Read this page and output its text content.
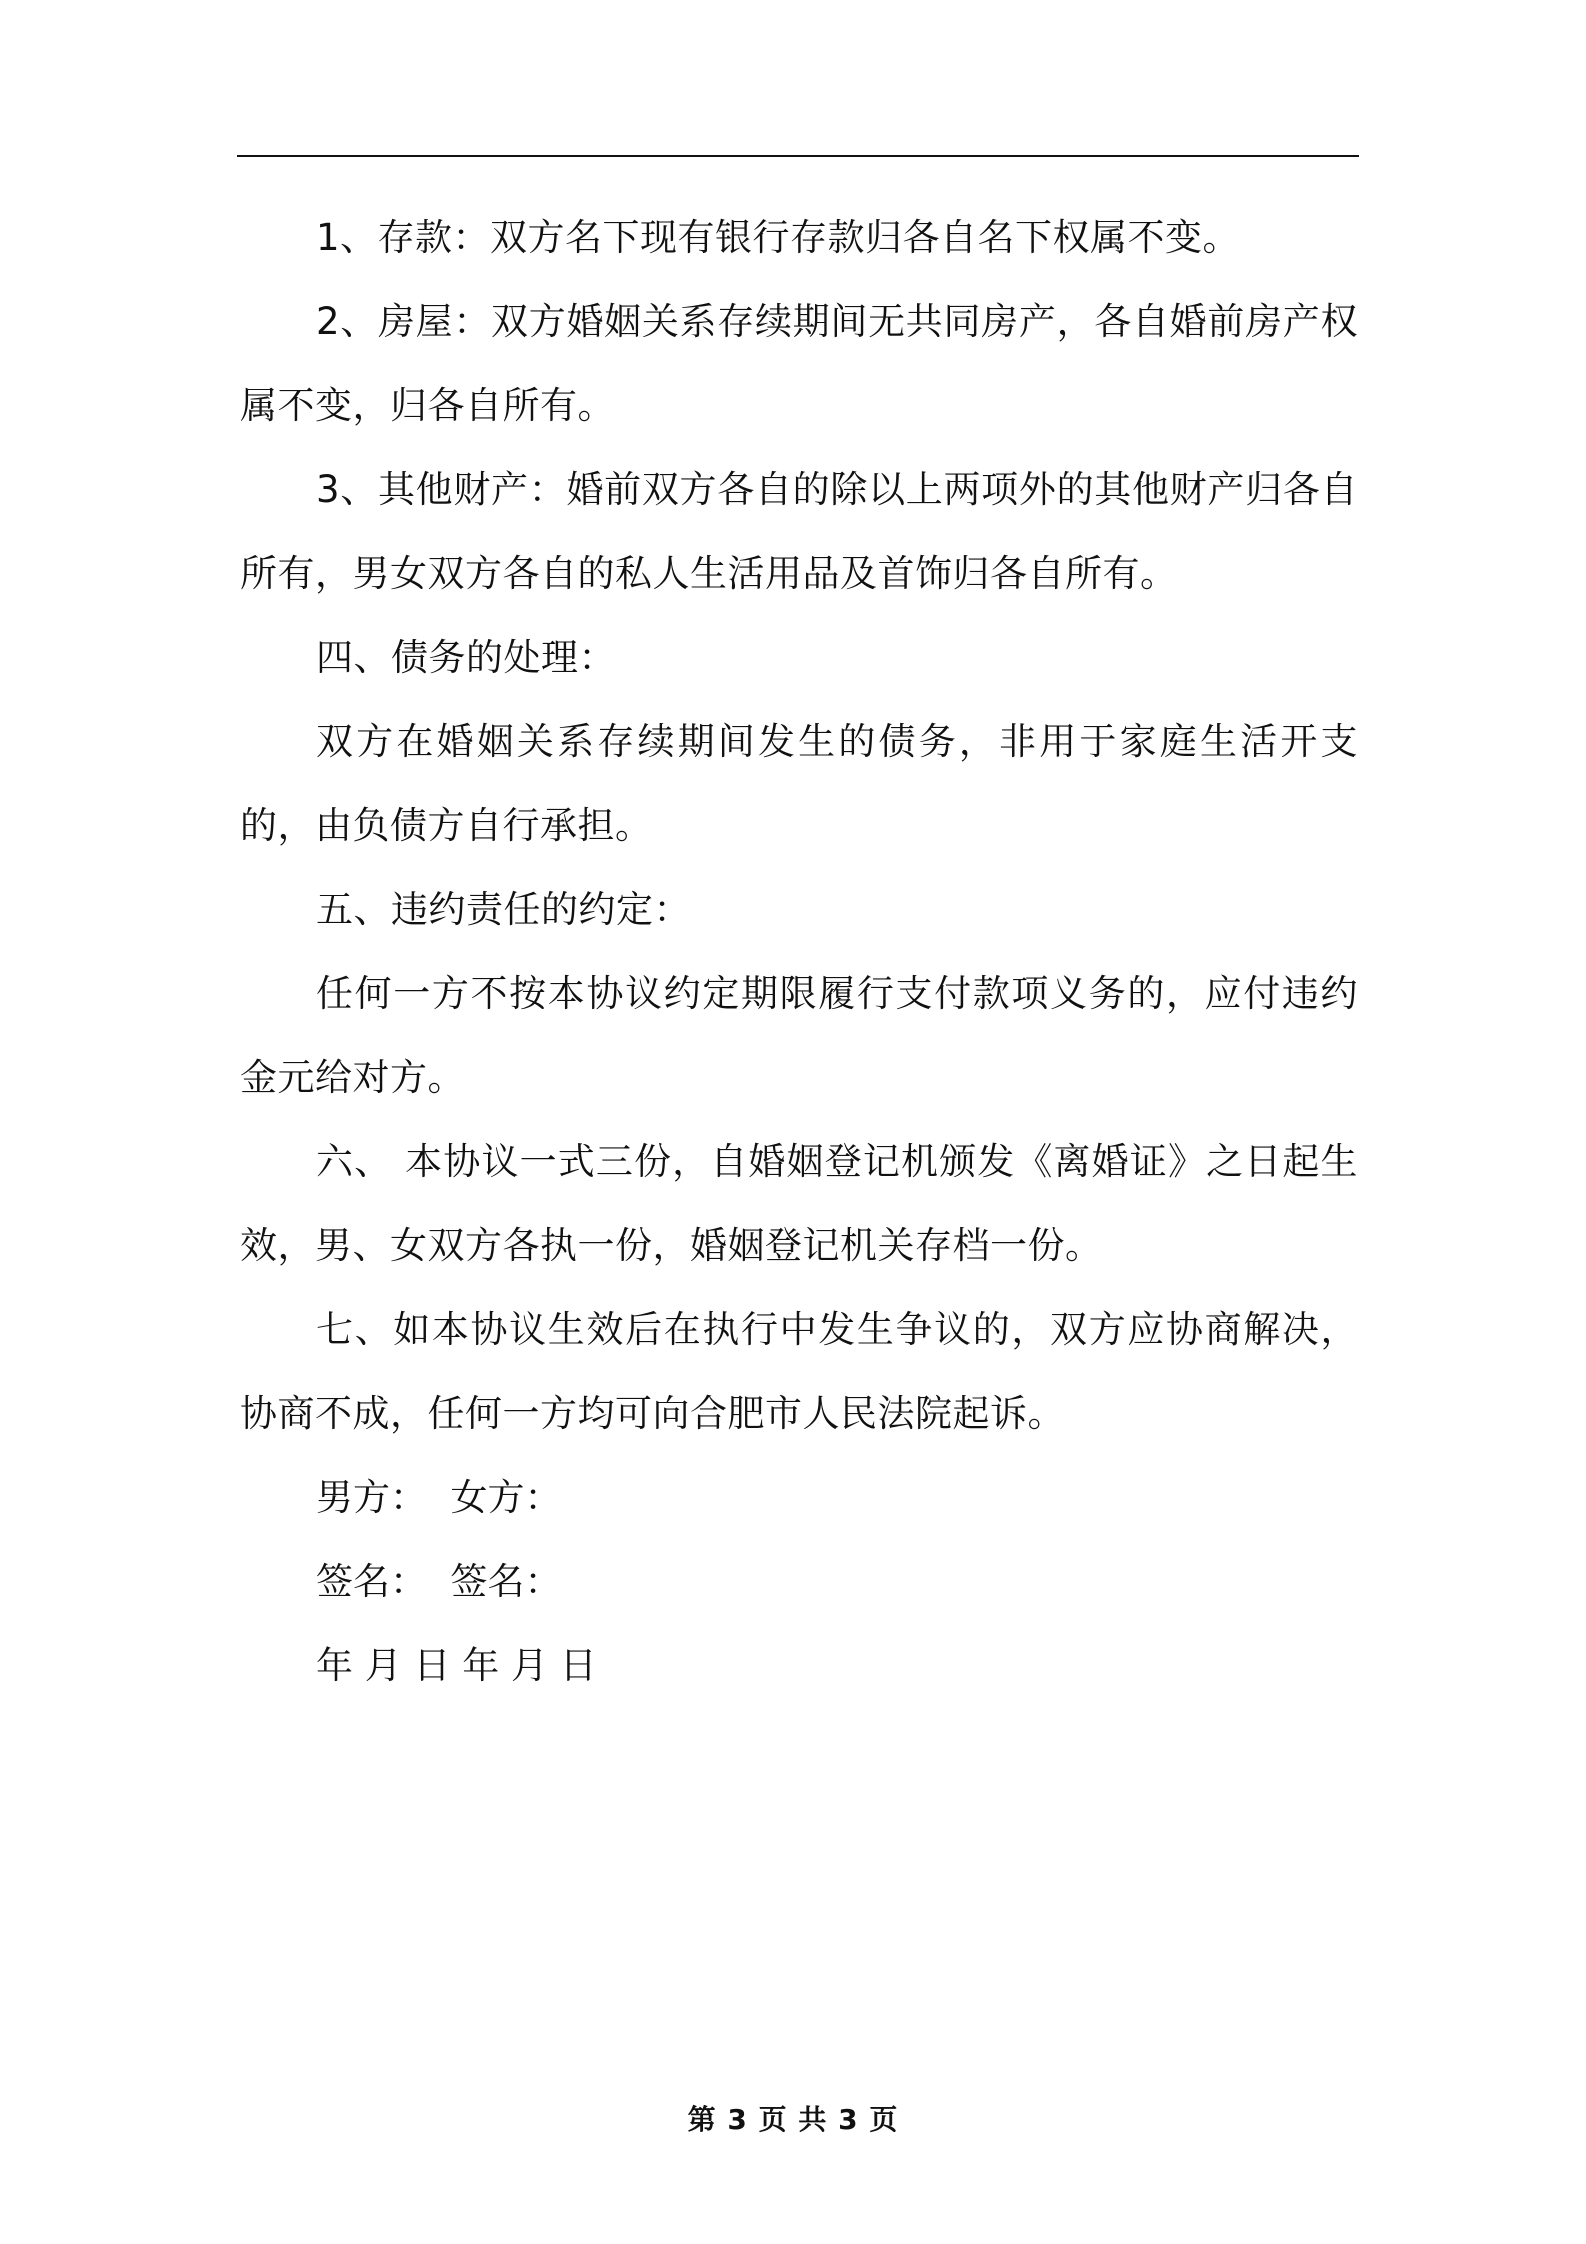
1、存款：双方名下现有银行存款归各自名下权属不变。

2、房屋：双方婚姻关系存续期间无共同房产，各自婚前房产权属不变，归各自所有。

3、其他财产：婚前双方各自的除以上两项外的其他财产归各自所有，男女双方各自的私人生活用品及首饰归各自所有。

四、债务的处理：

双方在婚姻关系存续期间发生的债务，非用于家庭生活开支的，由负债方自行承担。

五、违约责任的约定：

任何一方不按本协议约定期限履行支付款项义务的，应付违约金元给对方。

六、 本协议一式三份，自婚姻登记机颁发《离婚证》之日起生效，男、女双方各执一份，婚姻登记机关存档一份。

七、如本协议生效后在执行中发生争议的，双方应协商解决，协商不成，任何一方均可向合肥市人民法院起诉。

男方：  女方：

签名：  签名：

年 月 日 年 月 日

第 3 页 共 3 页
